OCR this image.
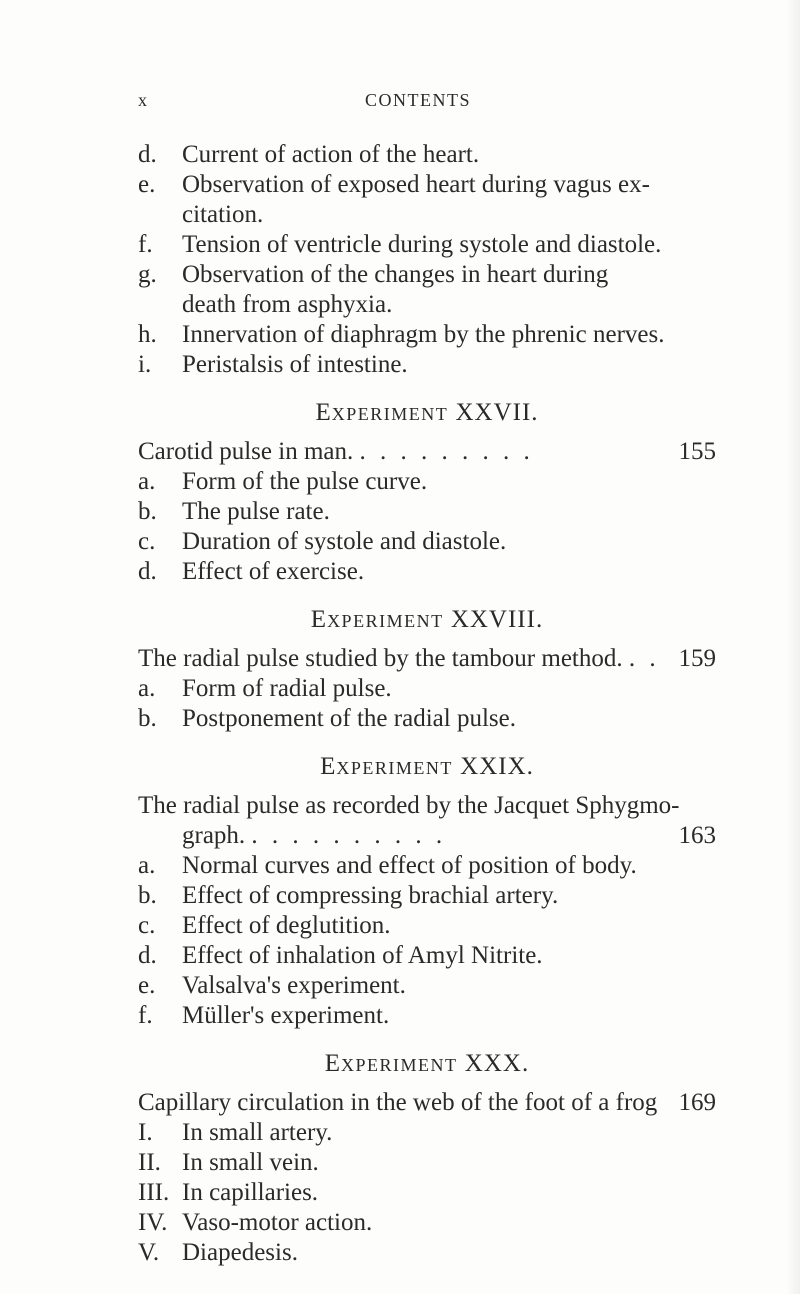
x	CONTENTS
d.	Current of action of the heart.
e.	Observation of exposed heart during vagus ex-
citation.
f.	Tension of ventricle during systole and diastole.
g.	Observation of the changes in heart during
death from asphyxia.
h.	Innervation of diaphragm by the phrenic nerves.
i.	Peristalsis of intestine.
EXPERIMENT XXVII.
Carotid pulse in man. . . . . . . . . .	155
a.	Form of the pulse curve.
b.	The pulse rate.
c.	Duration of systole and diastole.
d.	Effect of exercise.
EXPERIMENT XXVIII.
The radial pulse studied by the tambour method. . . 159
a.	Form of radial pulse.
b.	Postponement of the radial pulse.
EXPERIMENT XXIX.
The radial pulse as recorded by the Jacquet Sphygmo-
graph. . . . . . . . . . .	163
a.	Normal curves and effect of position of body.
b.	Effect of compressing brachial artery.
c.	Effect of deglutition.
d.	Effect of inhalation of Amyl Nitrite.
e.	Valsalva's experiment.
f.	Müller's experiment.
EXPERIMENT XXX.
Capillary circulation in the web of the foot of a frog 169
I.	In small artery.
II. In small vein.
III. In capillaries.
IV. Vaso-motor action.
V. Diapedesis.
